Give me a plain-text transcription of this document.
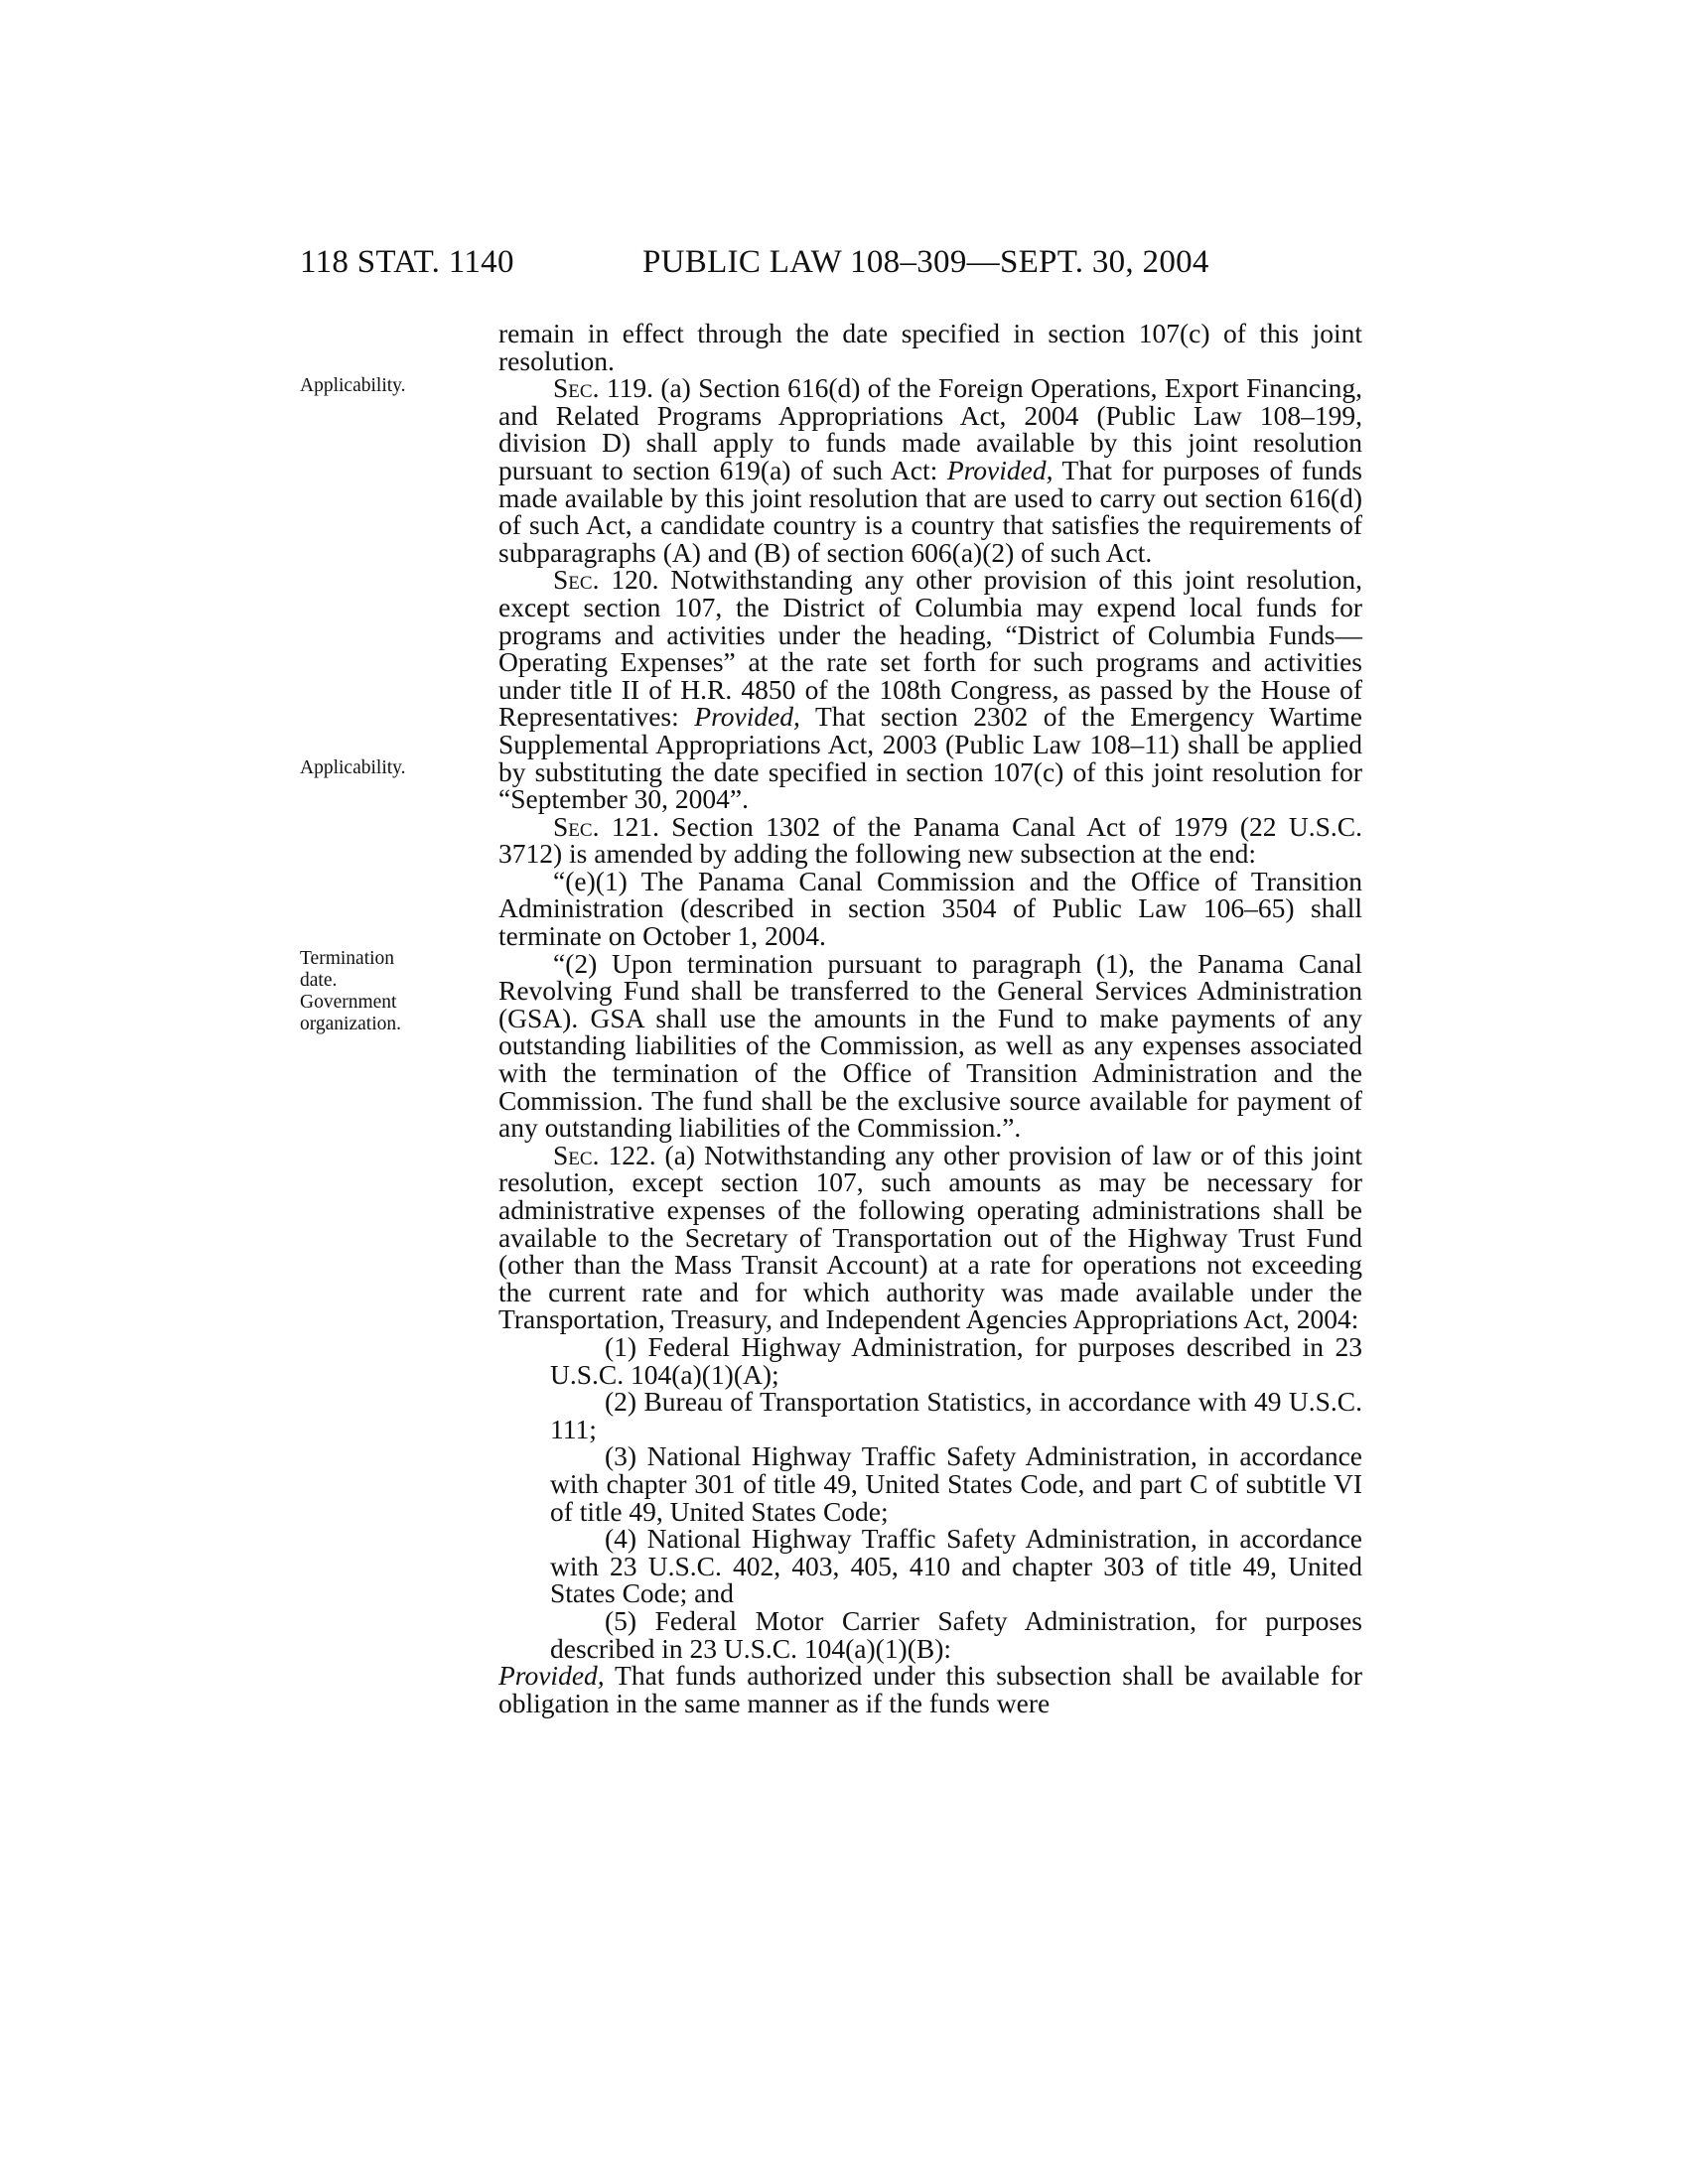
118 STAT. 1140	PUBLIC LAW 108–309—SEPT. 30, 2004
Applicability.
Applicability.
Termination
date.
Government
organization.

remain in effect through the date specified in section 107(c) of this joint resolution.

Sec. 119. (a) Section 616(d) of the Foreign Operations, Export Financing, and Related Programs Appropriations Act, 2004 (Public Law 108–199, division D) shall apply to funds made available by this joint resolution pursuant to section 619(a) of such Act: Provided, That for purposes of funds made available by this joint resolution that are used to carry out section 616(d) of such Act, a candidate country is a country that satisfies the requirements of subparagraphs (A) and (B) of section 606(a)(2) of such Act.

Sec. 120. Notwithstanding any other provision of this joint resolution, except section 107, the District of Columbia may expend local funds for programs and activities under the heading, “District of Columbia Funds—Operating Expenses” at the rate set forth for such programs and activities under title II of H.R. 4850 of the 108th Congress, as passed by the House of Representatives: Provided, That section 2302 of the Emergency Wartime Supplemental Appropriations Act, 2003 (Public Law 108–11) shall be applied by substituting the date specified in section 107(c) of this joint resolution for “September 30, 2004”.

Sec. 121. Section 1302 of the Panama Canal Act of 1979 (22 U.S.C. 3712) is amended by adding the following new subsection at the end:

“(e)(1) The Panama Canal Commission and the Office of Transition Administration (described in section 3504 of Public Law 106–65) shall terminate on October 1, 2004.

“(2) Upon termination pursuant to paragraph (1), the Panama Canal Revolving Fund shall be transferred to the General Services Administration (GSA). GSA shall use the amounts in the Fund to make payments of any outstanding liabilities of the Commission, as well as any expenses associated with the termination of the Office of Transition Administration and the Commission. The fund shall be the exclusive source available for payment of any outstanding liabilities of the Commission.”.

Sec. 122. (a) Notwithstanding any other provision of law or of this joint resolution, except section 107, such amounts as may be necessary for administrative expenses of the following operating administrations shall be available to the Secretary of Transportation out of the Highway Trust Fund (other than the Mass Transit Account) at a rate for operations not exceeding the current rate and for which authority was made available under the Transportation, Treasury, and Independent Agencies Appropriations Act, 2004:

(1) Federal Highway Administration, for purposes described in 23 U.S.C. 104(a)(1)(A);

(2) Bureau of Transportation Statistics, in accordance with 49 U.S.C. 111;

(3) National Highway Traffic Safety Administration, in accordance with chapter 301 of title 49, United States Code, and part C of subtitle VI of title 49, United States Code;

(4) National Highway Traffic Safety Administration, in accordance with 23 U.S.C. 402, 403, 405, 410 and chapter 303 of title 49, United States Code; and

(5) Federal Motor Carrier Safety Administration, for purposes described in 23 U.S.C. 104(a)(1)(B):

Provided, That funds authorized under this subsection shall be available for obligation in the same manner as if the funds were
